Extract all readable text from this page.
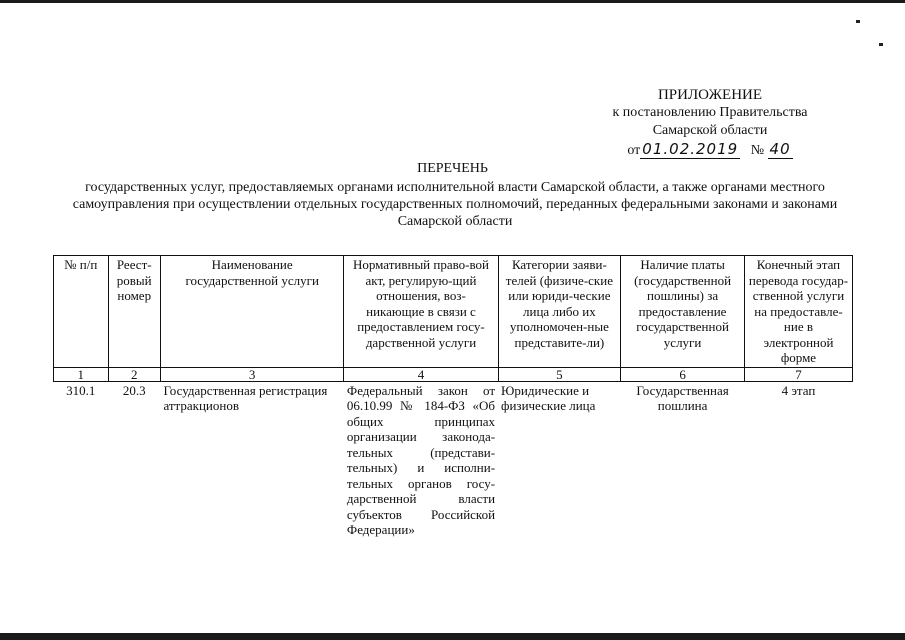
ПРИЛОЖЕНИЕ
к постановлению Правительства
Самарской области
от 01.02.2019 № 40
ПЕРЕЧЕНЬ
государственных услуг, предоставляемых органами исполнительной власти Самарской области, а также органами местного самоуправления при осуществлении отдельных государственных полномочий, переданных федеральными законами и законами Самарской области
№ п/п	Реест-ровый номер	Наименование государственной услуги	Нормативный право-вой акт, регулирую-щий отношения, воз-никающие в связи с предоставлением госу-дарственной услуги	Категории заяви-телей (физиче-ские или юриди-ческие лица либо их уполномочен-ные представите-ли)	Наличие платы (государственной пошлины) за предоставление государственной услуги	Конечный этап перевода государ-ственной услуги на предоставле-ние в электронной форме
1	2	3	4	5	6	7
310.1	20.3	Государственная регистрация аттракционов	Федеральный закон от 06.10.99 № 184-ФЗ «Об общих принципах организации законода-тельных (представи-тельных) и исполни-тельных органов госу-дарственной власти субъектов Российской Федерации»	Юридические и физические лица	Государственная пошлина	4 этап
